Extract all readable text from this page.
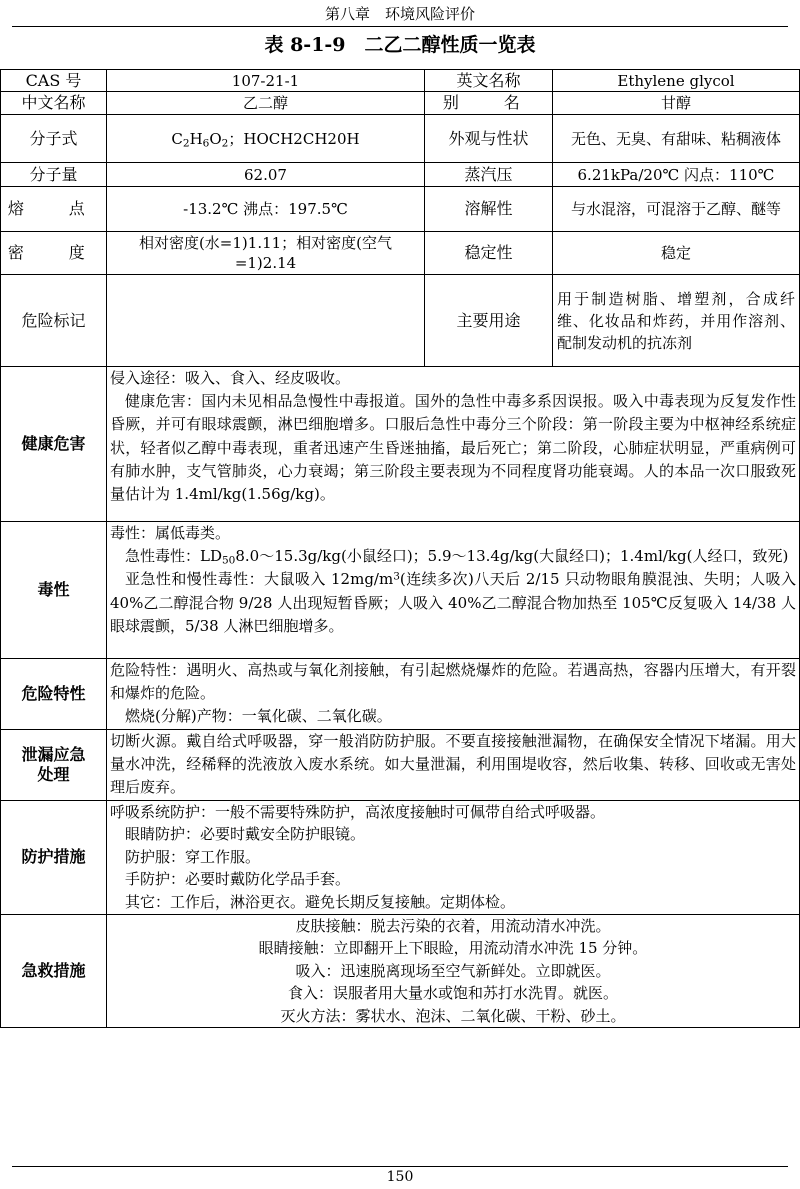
第八章　环境风险评价
表 8-1-9　二乙二醇性质一览表
CAS 号	107-21-1	英文名称	Ethylene glycol
中文名称	乙二醇	别　名	甘醇
分子式	$C_2H_6O_2$；HOCH2CH20H	外观与性状	无色、无臭、有甜味、粘稠液体
分子量	62.07	蒸汽压	6.21kPa/20℃ 闪点：110℃
熔　点	-13.2℃ 沸点：197.5℃	溶解性	与水混溶，可混溶于乙醇、醚等
密　度	相对密度(水=1)1.11；相对密度(空气=1)2.14	稳定性	稳定
危险标记		主要用途	用于制造树脂、增塑剂，合成纤维、化妆品和炸药，并用作溶剂、配制发动机的抗冻剂
健康危害	侵入途径：吸入、食入、经皮吸收。
健康危害：国内未见相品急慢性中毒报道。国外的急性中毒多系因误报。吸入中毒表现为反复发作性昏厥，并可有眼球震颤，淋巴细胞增多。口服后急性中毒分三个阶段：第一阶段主要为中枢神经系统症状，轻者似乙醇中毒表现，重者迅速产生昏迷抽搐，最后死亡；第二阶段，心肺症状明显，严重病例可有肺水肿，支气管肺炎，心力衰竭；第三阶段主要表现为不同程度肾功能衰竭。人的本品一次口服致死量估计为 1.4ml/kg(1.56g/kg)。		

毒性	毒性：属低毒类。
急性毒性：$LD_{50}8.0\sim 15.3g/kg$(小鼠经口)；5.9～13.4g/kg(大鼠经口)；1.4ml/kg(人经口，致死)
亚急性和慢性毒性：大鼠吸入 $12mg/m^3$(连续多次)八天后 2/15 只动物眼角膜混浊、失明；人吸入 40%乙二醇混合物 9/28 人出现短暂昏厥；人吸入 40%乙二醇混合物加热至 105℃反复吸入 14/38 人眼球震颤，5/38 人淋巴细胞增多。		

危险特性	危险特性：遇明火、高热或与氧化剂接触，有引起燃烧爆炸的危险。若遇高热，容器内压增大，有开裂和爆炸的危险。
燃烧(分解)产物：一氧化碳、二氧化碳。		

泄漏应急
处理	切断火源。戴自给式呼吸器，穿一般消防防护服。不要直接接触泄漏物，在确保安全情况下堵漏。用大量水冲洗，经稀释的洗液放入废水系统。如大量泄漏，利用围堤收容，然后收集、转移、回收或无害处理后废弃。		
防护措施	呼吸系统防护：一般不需要特殊防护，高浓度接触时可佩带自给式呼吸器。
眼睛防护：必要时戴安全防护眼镜。
防护服：穿工作服。
手防护：必要时戴防化学品手套。
其它：工作后，淋浴更衣。避免长期反复接触。定期体检。		

急救措施	皮肤接触：脱去污染的衣着，用流动清水冲洗。
眼睛接触：立即翻开上下眼睑，用流动清水冲洗 15 分钟。
吸入：迅速脱离现场至空气新鲜处。立即就医。
食入：误服者用大量水或饱和苏打水洗胃。就医。
灭火方法：雾状水、泡沫、二氧化碳、干粉、砂土。		
150
